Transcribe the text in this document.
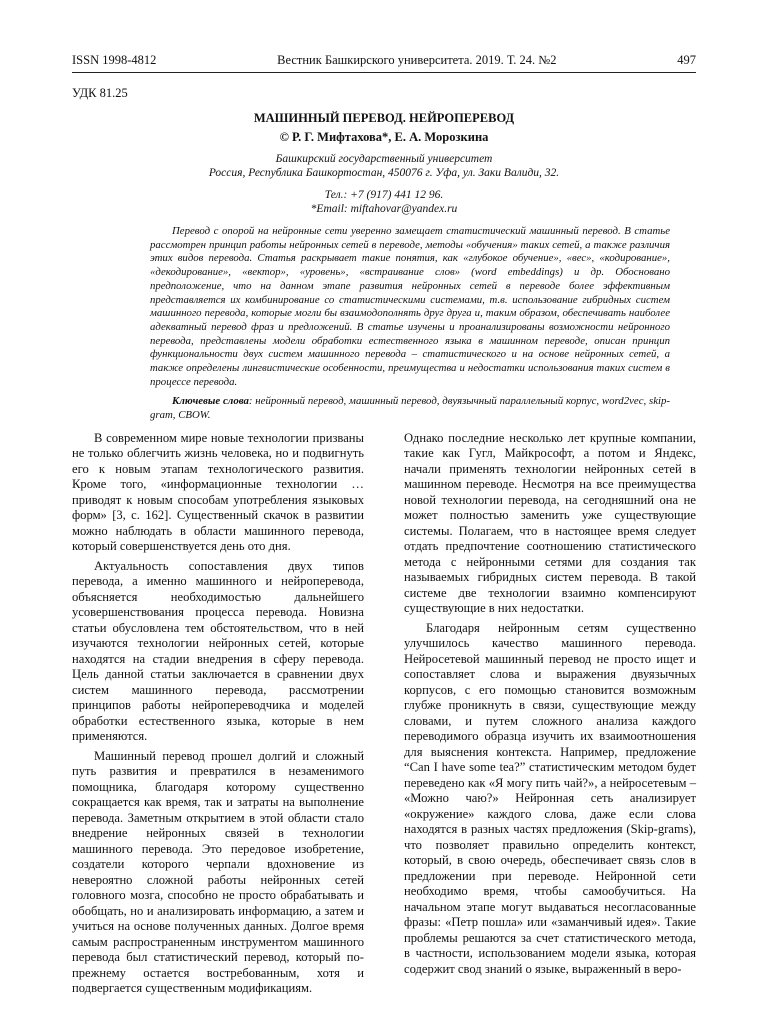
ISSN 1998-4812	Вестник Башкирского университета. 2019. Т. 24. №2	497
УДК 81.25
МАШИННЫЙ ПЕРЕВОД. НЕЙРОПЕРЕВОД
© Р. Г. Мифтахова*, Е. А. Морозкина
Башкирский государственный университет
Россия, Республика Башкортостан, 450076 г. Уфа, ул. Заки Валиди, 32.
Тел.: +7 (917) 441 12 96.
*Email: miftahovar@yandex.ru
Перевод с опорой на нейронные сети уверенно замещает статистический машинный перевод. В статье рассмотрен принцип работы нейронных сетей в переводе, методы «обучения» таких сетей, а также различия этих видов перевода. Статья раскрывает такие понятия, как «глубокое обучение», «вес», «кодирование», «декодирование», «вектор», «уровень», «встраивание слов» (word embeddings) и др. Обосновано предположение, что на данном этапе развития нейронных сетей в переводе более эффективным представляется их комбинирование со статистическими системами, т.в. использование гибридных систем машинного перевода, которые могли бы взаимодополнять друг друга и, таким образом, обеспечивать наиболее адекватный перевод фраз и предложений. В статье изучены и проанализированы возможности нейронного перевода, представлены модели обработки естественного языка в машинном переводе, описан принцип функциональности двух систем машинного перевода – статистического и на основе нейронных сетей, а также определены лингвистические особенности, преимущества и недостатки использования таких систем в процессе перевода.
Ключевые слова: нейронный перевод, машинный перевод, двуязычный параллельный корпус, word2vec, skip-gram, CBOW.

В современном мире новые технологии призваны не только облегчить жизнь человека, но и подвигнуть его к новым этапам технологического развития. Кроме того, «информационные технологии … приводят к новым способам употребления языковых форм» [3, с. 162]. Существенный скачок в развитии можно наблюдать в области машинного перевода, который совершенствуется день ото дня.

Актуальность сопоставления двух типов перевода, а именно машинного и нейроперевода, объясняется необходимостью дальнейшего усовершенствования процесса перевода. Новизна статьи обусловлена тем обстоятельством, что в ней изучаются технологии нейронных сетей, которые находятся на стадии внедрения в сферу перевода. Цель данной статьи заключается в сравнении двух систем машинного перевода, рассмотрении принципов работы нейропереводчика и моделей обработки естественного языка, которые в нем применяются.

Машинный перевод прошел долгий и сложный путь развития и превратился в незаменимого помощника, благодаря которому существенно сокращается как время, так и затраты на выполнение перевода. Заметным открытием в этой области стало внедрение нейронных связей в технологии машинного перевода. Это передовое изобретение, создатели которого черпали вдохновение из невероятно сложной работы нейронных сетей головного мозга, способно не просто обрабатывать и обобщать, но и анализировать информацию, а затем и учиться на основе полученных данных. Долгое время самым распространенным инструментом машинного перевода был статистический перевод, который по-прежнему остается востребованным, хотя и подвергается существенным модификациям.

Однако последние несколько лет крупные компании, такие как Гугл, Майкрософт, а потом и Яндекс, начали применять технологии нейронных сетей в машинном переводе. Несмотря на все преимущества новой технологии перевода, на сегодняшний она не может полностью заменить уже существующие системы. Полагаем, что в настоящее время следует отдать предпочтение соотношению статистического метода с нейронными сетями для создания так называемых гибридных систем перевода. В такой системе две технологии взаимно компенсируют существующие в них недостатки.

Благодаря нейронным сетям существенно улучшилось качество машинного перевода. Нейросетевой машинный перевод не просто ищет и сопоставляет слова и выражения двуязычных корпусов, с его помощью становится возможным глубже проникнуть в связи, существующие между словами, и путем сложного анализа каждого переводимого образца изучить их взаимоотношения для выяснения контекста. Например, предложение “Can I have some tea?” статистическим методом будет переведено как «Я могу пить чай?», а нейросетевым – «Можно чаю?» Нейронная сеть анализирует «окружение» каждого слова, даже если слова находятся в разных частях предложения (Skip-grams), что позволяет правильно определить контекст, который, в свою очередь, обеспечивает связь слов в предложении при переводе. Нейронной сети необходимо время, чтобы самообучиться. На начальном этапе могут выдаваться несогласованные фразы: «Петр пошла» или «заманчивый идея». Такие проблемы решаются за счет статистического метода, в частности, использованием модели языка, которая содержит свод знаний о языке, выраженный в веро-
